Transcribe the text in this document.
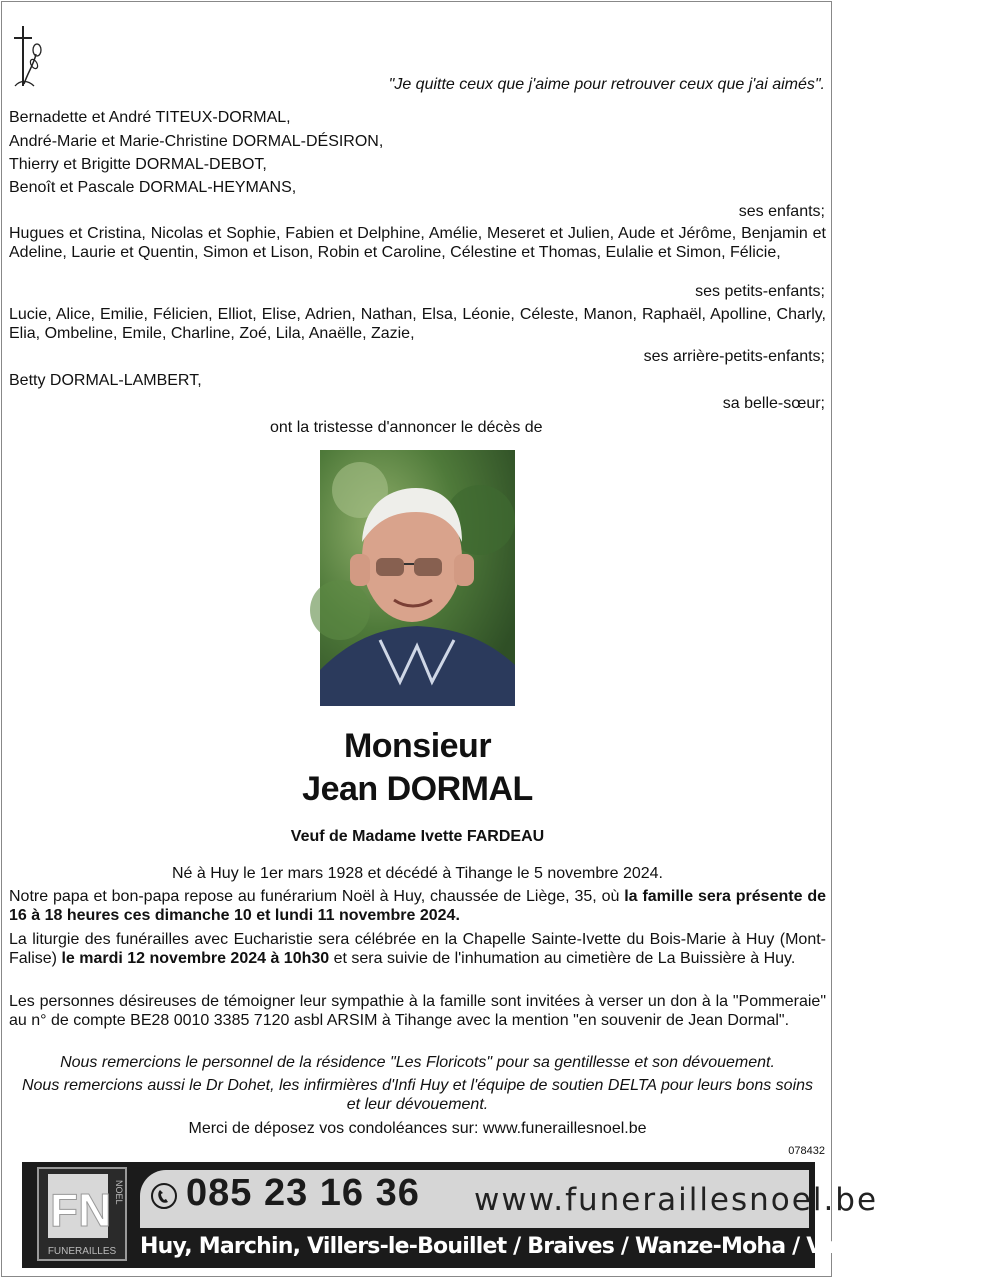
"Je quitte ceux que j'aime pour retrouver ceux que j'ai aimés".
Bernadette et André TITEUX-DORMAL,
André-Marie et Marie-Christine DORMAL-DÉSIRON,
Thierry et Brigitte DORMAL-DEBOT,
Benoît et Pascale DORMAL-HEYMANS,
ses enfants;
Hugues et Cristina, Nicolas et Sophie, Fabien et Delphine, Amélie, Meseret et Julien, Aude et Jérôme, Benjamin et Adeline, Laurie et Quentin, Simon et Lison, Robin et Caroline, Célestine et Thomas, Eulalie et Simon, Félicie,
ses petits-enfants;
Lucie, Alice, Emilie, Félicien, Elliot, Elise, Adrien, Nathan, Elsa, Léonie, Céleste, Manon, Raphaël, Apolline, Charly, Elia, Ombeline, Emile, Charline, Zoé, Lila, Anaëlle, Zazie,
ses arrière-petits-enfants;
Betty DORMAL-LAMBERT,
sa belle-sœur;
ont la tristesse d'annoncer le décès de
Monsieur
Jean DORMAL
Veuf de Madame Ivette FARDEAU
Né à Huy le 1er mars 1928 et décédé à Tihange le 5 novembre 2024.
Notre papa et bon-papa repose au funérarium Noël à Huy, chaussée de Liège, 35, où la famille sera présente de 16 à 18 heures ces dimanche 10 et lundi 11 novembre 2024.
La liturgie des funérailles avec Eucharistie sera célébrée en la Chapelle Sainte-Ivette du Bois-Marie à Huy (Mont-Falise) le mardi 12 novembre 2024 à 10h30 et sera suivie de l'inhumation au cimetière de La Buissière à Huy.
Les personnes désireuses de témoigner leur sympathie à la famille sont invitées à verser un don à la "Pommeraie" au n° de compte BE28 0010 3385 7120 asbl ARSIM à Tihange avec la mention "en souvenir de Jean Dormal".
Nous remercions le personnel de la résidence "Les Floricots" pour sa gentillesse et son dévouement.
Nous remercions aussi le Dr Dohet, les infirmières d'Infi Huy et l'équipe de soutien DELTA pour leurs bons soins et leur dévouement.
Merci de déposez vos condoléances sur: www.funeraillesnoel.be
078432
FN NOEL
FUNERAILLES
085 23 16 36 www.funeraillesnoel.be
Huy, Marchin, Villers-le-Bouillet / Braives / Wanze-Moha / Vaux-et-Borset
